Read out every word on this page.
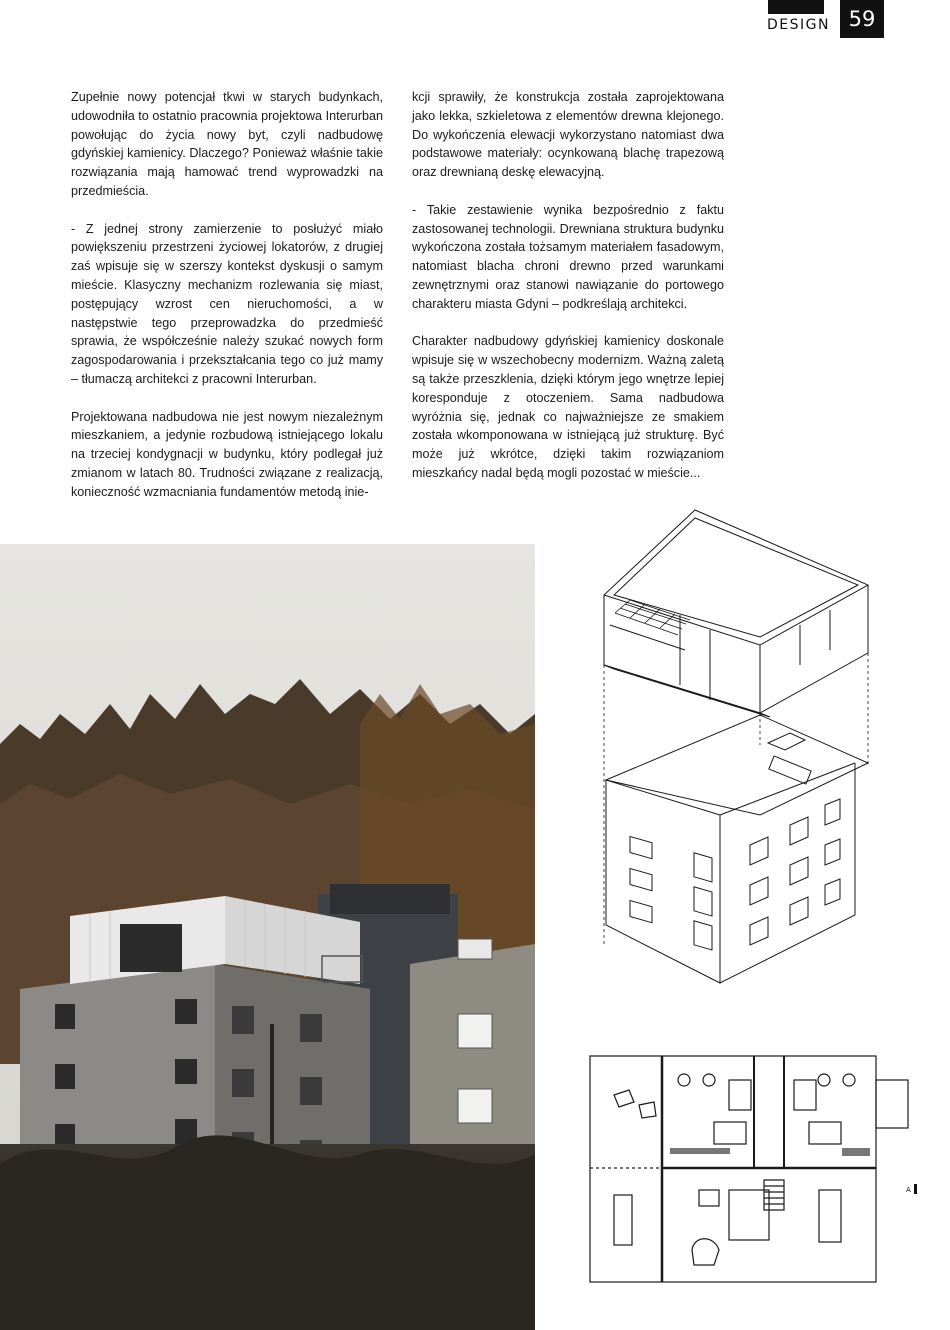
DESIGN 59

Zupełnie nowy potencjał tkwi w starych budynkach, udowodniła to ostatnio pracownia projektowa Interurban powołując do życia nowy byt, czyli nadbudowę gdyńskiej kamienicy. Dlaczego? Ponieważ właśnie takie rozwiązania mają hamować trend wyprowadzki na przedmieścia.

- Z jednej strony zamierzenie to posłużyć miało powiększeniu przestrzeni życiowej lokatorów, z drugiej zaś wpisuje się w szerszy kontekst dyskusji o samym mieście. Klasyczny mechanizm rozlewania się miast, postępujący wzrost cen nieruchomości, a w następstwie tego przeprowadzka do przedmieść sprawia, że współcześnie należy szukać nowych form zagospodarowania i przekształcania tego co już mamy – tłumaczą architekci z pracowni Interurban.

Projektowana nadbudowa nie jest nowym niezależnym mieszkaniem, a jedynie rozbudową istniejącego lokalu na trzeciej kondygnacji w budynku, który podlegał już zmianom w latach 80. Trudności związane z realizacją, konieczność wzmacniania fundamentów metodą inie-

kcji sprawiły, że konstrukcja została zaprojektowana jako lekka, szkieletowa z elementów drewna klejonego. Do wykończenia elewacji wykorzystano natomiast dwa podstawowe materiały: ocynkowaną blachę trapezową oraz drewnianą deskę elewacyjną.

- Takie zestawienie wynika bezpośrednio z faktu zastosowanej technologii. Drewniana struktura budynku wykończona została tożsamym materiałem fasadowym, natomiast blacha chroni drewno przed warunkami zewnętrznymi oraz stanowi nawiązanie do portowego charakteru miasta Gdyni – podkreślają architekci.

Charakter nadbudowy gdyńskiej kamienicy doskonale wpisuje się w wszechobecny modernizm. Ważną zaletą są także przeszklenia, dzięki którym jego wnętrze lepiej koresponduje z otoczeniem. Sama nadbudowa wyróżnia się, jednak co najważniejsze ze smakiem została wkomponowana w istniejącą już strukturę. Być może już wkrótce, dzięki takim rozwiązaniom mieszkańcy nadal będą mogli pozostać w mieście...

A
